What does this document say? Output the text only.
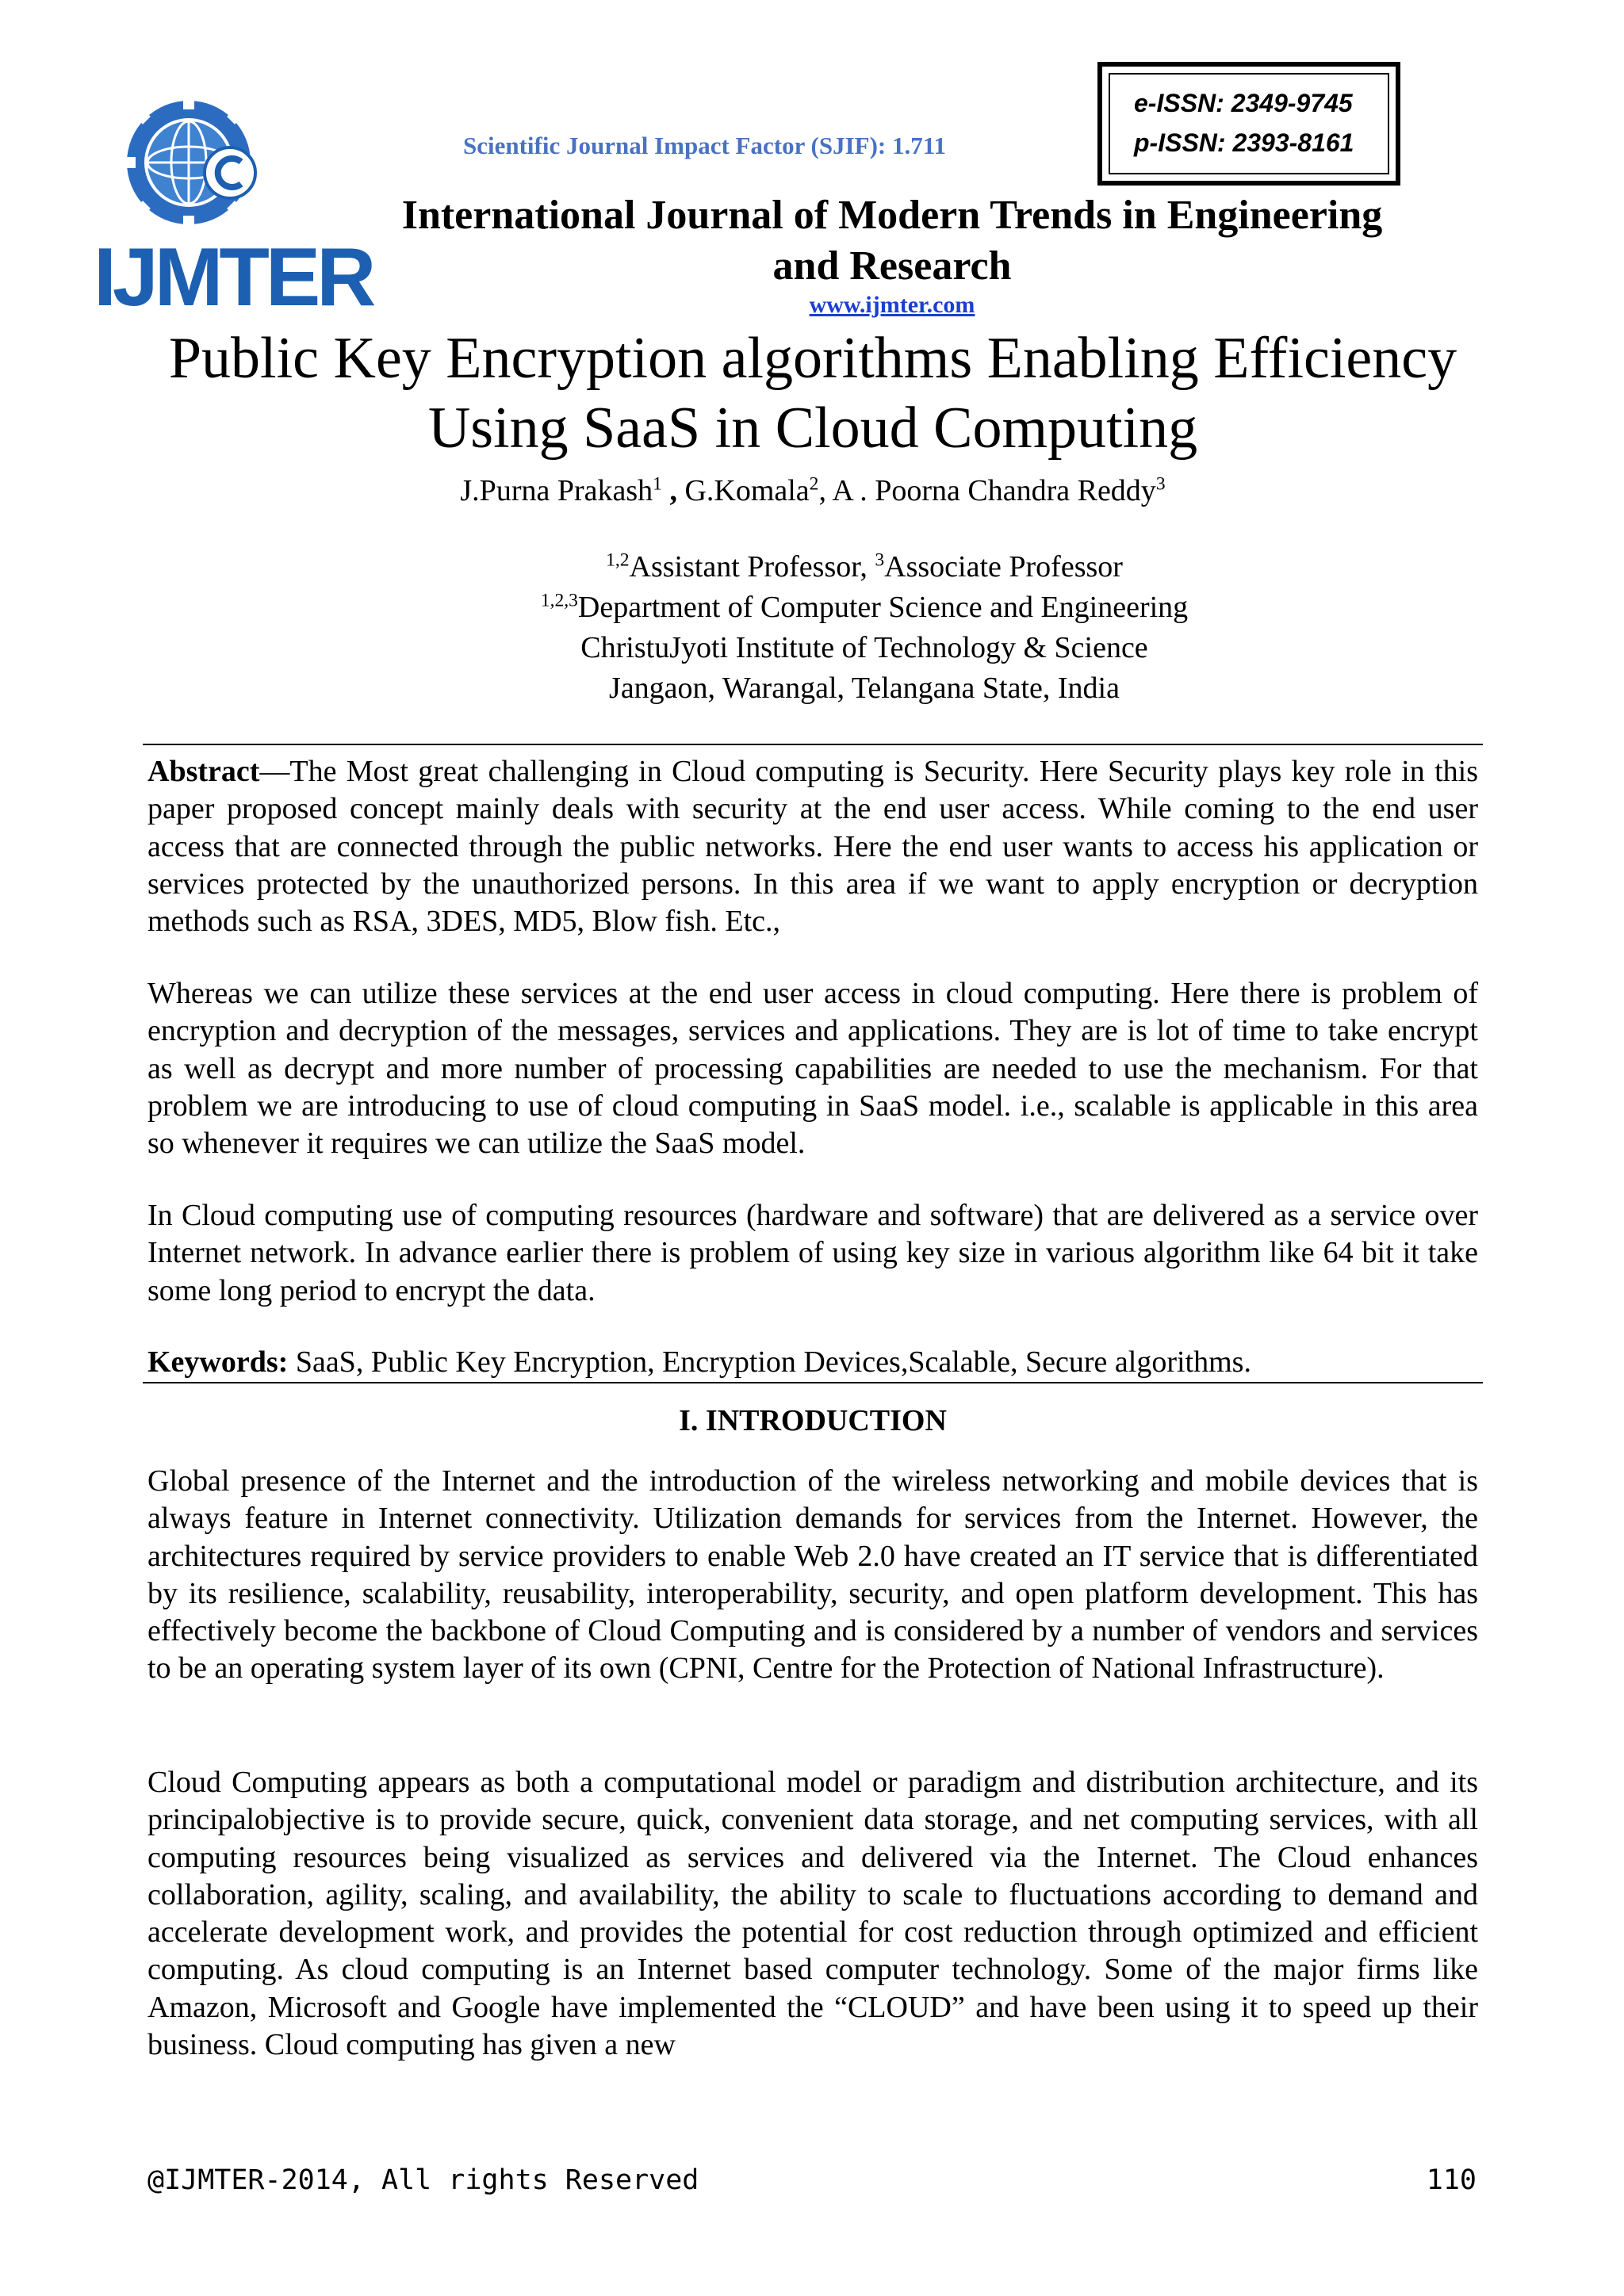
IJMTER
Scientific Journal Impact Factor (SJIF): 1.711
e-ISSN: 2349-9745
p-ISSN: 2393-8161
International Journal of Modern Trends in Engineering
and Research
www.ijmter.com
Public Key Encryption algorithms Enabling Efficiency
Using SaaS in Cloud Computing
J.Purna Prakash$^1$ , G.Komala$^2$, A . Poorna Chandra Reddy$^3$
$^{1,2}$Assistant Professor, $^3$Associate Professor
$^{1,2,3}$Department of Computer Science and Engineering
ChristuJyoti Institute of Technology & Science
Jangaon, Warangal, Telangana State, India
Abstract—The Most great challenging in Cloud computing is Security. Here Security plays key role in this paper proposed concept mainly deals with security at the end user access. While coming to the end user access that are connected through the public networks. Here the end user wants to access his application or services protected by the unauthorized persons. In this area if we want to apply encryption or decryption methods such as RSA, 3DES, MD5, Blow fish. Etc.,
Whereas we can utilize these services at the end user access in cloud computing. Here there is problem of encryption and decryption of the messages, services and applications. They are is lot of time to take encrypt as well as decrypt and more number of processing capabilities are needed to use the mechanism. For that problem we are introducing to use of cloud computing in SaaS model. i.e., scalable is applicable in this area so whenever it requires we can utilize the SaaS model.
In Cloud computing use of computing resources (hardware and software) that are delivered as a service over Internet network. In advance earlier there is problem of using key size in various algorithm like 64 bit it take some long period to encrypt the data.
Keywords: SaaS, Public Key Encryption, Encryption Devices,Scalable, Secure algorithms.
I. INTRODUCTION
Global presence of the Internet and the introduction of the wireless networking and mobile devices that is always feature in Internet connectivity. Utilization demands for services from the Internet. However, the architectures required by service providers to enable Web 2.0 have created an IT service that is differentiated by its resilience, scalability, reusability, interoperability, security, and open platform development. This has effectively become the backbone of Cloud Computing and is considered by a number of vendors and services to be an operating system layer of its own (CPNI, Centre for the Protection of National Infrastructure).
Cloud Computing appears as both a computational model or paradigm and distribution architecture, and its principalobjective is to provide secure, quick, convenient data storage, and net computing services, with all computing resources being visualized as services and delivered via the Internet. The Cloud enhances collaboration, agility, scaling, and availability, the ability to scale to fluctuations according to demand and accelerate development work, and provides the potential for cost reduction through optimized and efficient computing. As cloud computing is an Internet based computer technology. Some of the major firms like Amazon, Microsoft and Google have implemented the “CLOUD” and have been using it to speed up their business. Cloud computing has given a new
@IJMTER-2014, All rights Reserved	110
